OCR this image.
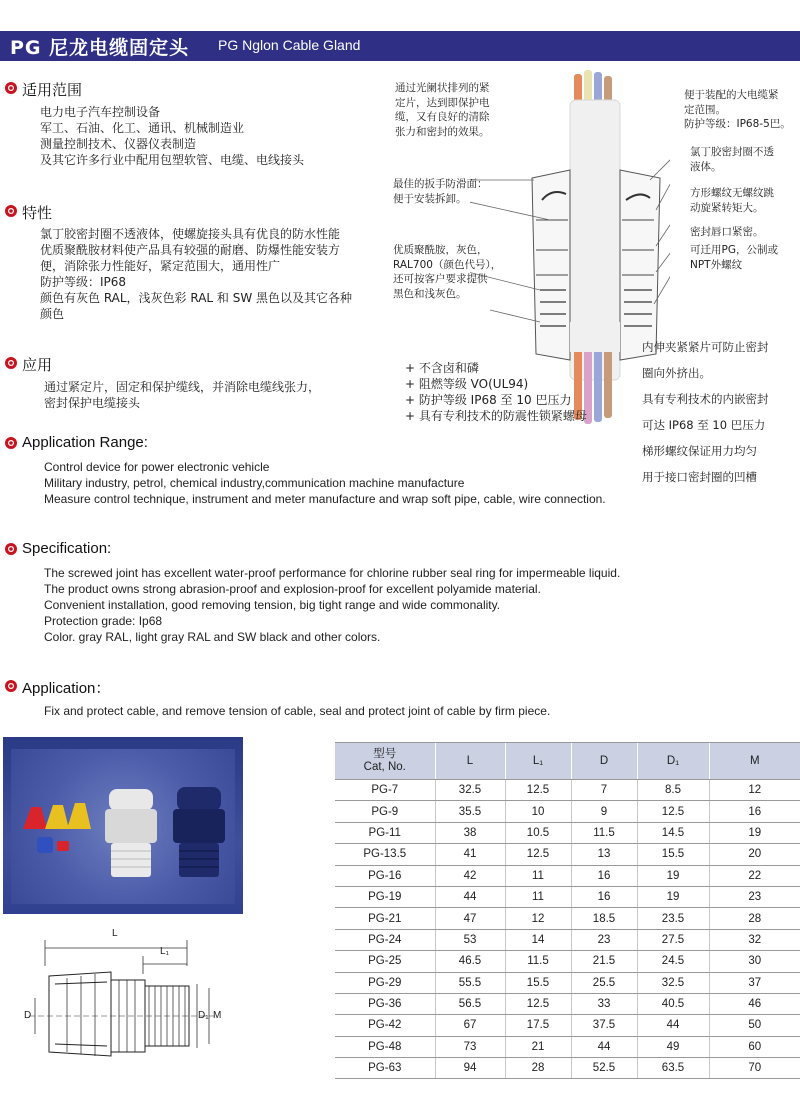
PG 尼龙电缆固定头 PG Nglon Cable Gland
适用范围
电力电子汽车控制设备
军工、石油、化工、通讯、机械制造业
测量控制技术、仪器仪表制造
及其它许多行业中配用包塑软管、电缆、电线接头
特性
氯丁胶密封圈不透液体，使螺旋接头具有优良的防水性能
优质聚酰胺材料使产品具有较强的耐磨、防爆性能安装方
便，消除张力性能好，紧定范围大，通用性广
防护等级：IP68
颜色有灰色 RAL，浅灰色彩 RAL 和 SW 黑色以及其它各种
颜色
应用
通过紧定片，固定和保护缆线，并消除电缆线张力，
密封保护电缆接头
Application Range:
Control device for power electronic vehicle
Military industry, petrol, chemical industry,communication machine manufacture
Measure control technique, instrument and meter manufacture and wrap soft pipe, cable, wire connection.
Specification:
The screwed joint has excellent water-proof performance for chlorine rubber seal ring for impermeable liquid.
The product owns strong abrasion-proof and explosion-proof for excellent polyamide material.
Convenient installation, good removing tension, big tight range and wide commonality.
Protection grade: Ip68
Color. gray RAL, light gray RAL and SW black and other colors.
Application：
Fix and protect cable, and remove tension of cable, seal and protect joint of cable by firm piece.
通过光阑状排列的紧
定片，达到即保护电
缆，又有良好的清除
张力和密封的效果。
最佳的扳手防滑面：
便于安装拆卸。
优质聚酰胺，灰色，
RAL700（颜色代号），
还可按客户要求提供
黑色和浅灰色。
便于装配的大电缆紧
定范围。
防护等级：IP68-5巴。
氯丁胶密封圈不透
液体。
方形螺纹无螺纹跳
动旋紧转矩大。
密封唇口紧密。
可迁用PG，公制或
NPT外螺纹
+ 不含卤和磷
+ 阻燃等级 VO(UL94)
+ 防护等级 IP68 至 10 巴压力
+ 具有专利技术的防震性锁紧螺母
内伸夹紧紧片可防止密封
圈向外挤出。
具有专利技术的内嵌密封
可达 IP68 至 10 巴压力
梯形螺纹保证用力均匀
用于接口密封圈的凹槽
L
L₁
D	D₁ M
型号
Cat, No.	L	L₁	D	D₁	M
PG-7	32.5	12.5	7	8.5	12
PG-9	35.5	10	9	12.5	16
PG-11	38	10.5	11.5	14.5	19
PG-13.5	41	12.5	13	15.5	20
PG-16	42	11	16	19	22
PG-19	44	11	16	19	23
PG-21	47	12	18.5	23.5	28
PG-24	53	14	23	27.5	32
PG-25	46.5	11.5	21.5	24.5	30
PG-29	55.5	15.5	25.5	32.5	37
PG-36	56.5	12.5	33	40.5	46
PG-42	67	17.5	37.5	44	50
PG-48	73	21	44	49	60
PG-63	94	28	52.5	63.5	70
